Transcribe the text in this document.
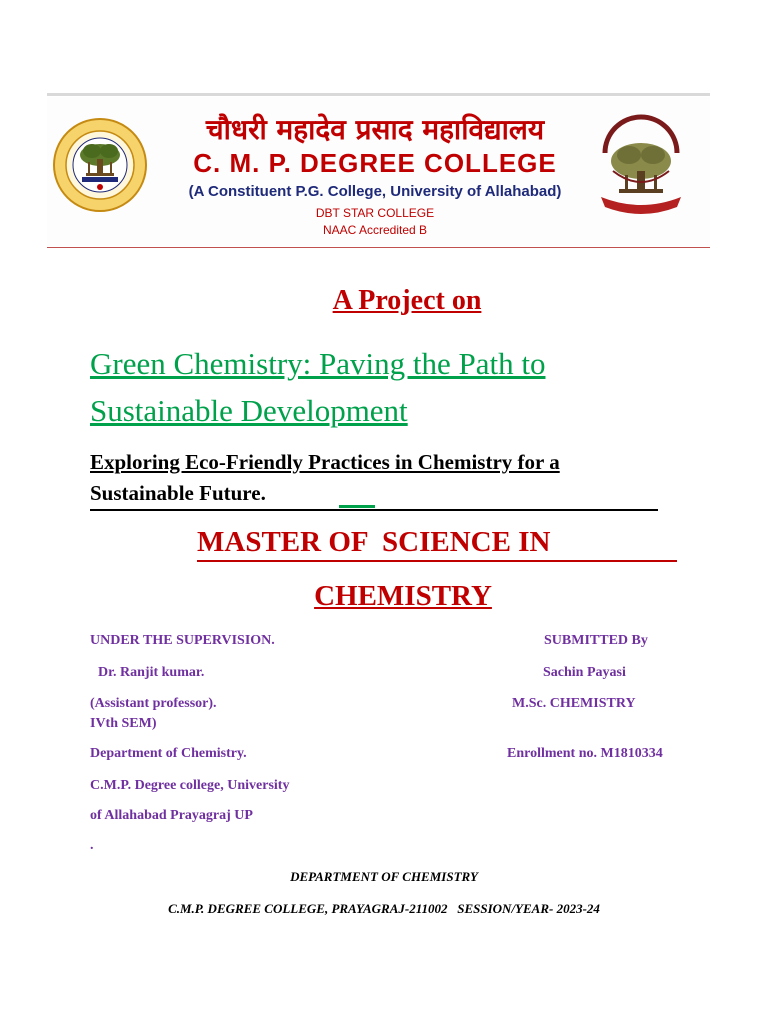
चौधरी महादेव प्रसाद महाविद्यालय
C. M. P. DEGREE COLLEGE
(A Constituent P.G. College, University of Allahabad)
DBT STAR COLLEGE
NAAC Accredited B
A Project on
Green Chemistry: Paving the Path to Sustainable Development
Exploring Eco-Friendly Practices in Chemistry for a
Sustainable Future.
MASTER OF  SCIENCE IN
CHEMISTRY
UNDER THE SUPERVISION.
Dr. Ranjit kumar.
(Assistant professor).
Department of Chemistry.
C.M.P. Degree college, University
of Allahabad Prayagraj UP
.
SUBMITTED By
Sachin Payasi
M.Sc. CHEMISTRY
IVth SEM)
Enrollment no. M1810334
DEPARTMENT OF CHEMISTRY
C.M.P. DEGREE COLLEGE, PRAYAGRAJ-211002   SESSION/YEAR- 2023-24
